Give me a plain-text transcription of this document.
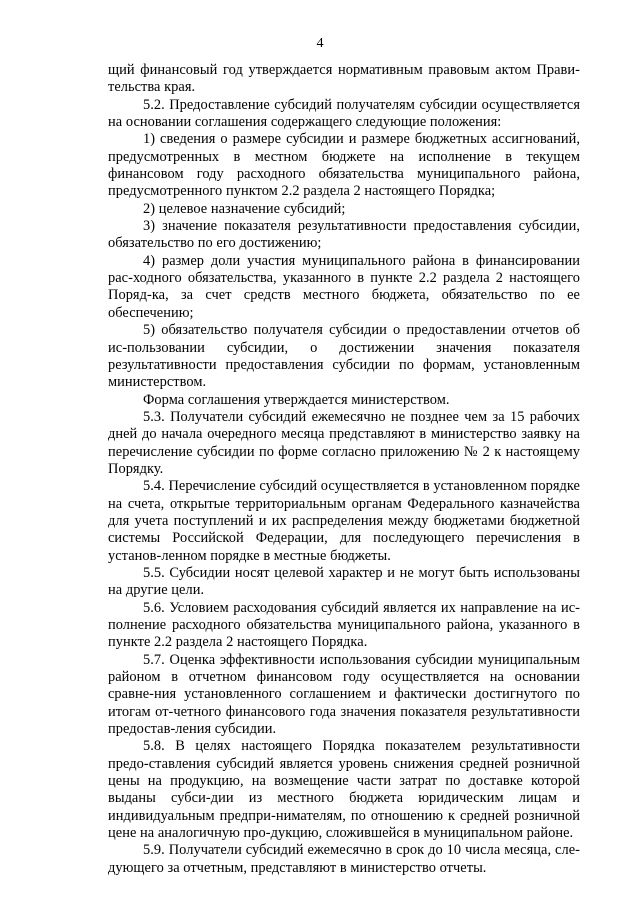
4

щий финансовый год утверждается нормативным правовым актом Прави-тельства края.

5.2. Предоставление субсидий получателям субсидии осуществляется на основании соглашения содержащего следующие положения:

1) сведения о размере субсидии и размере бюджетных ассигнований, предусмотренных в местном бюджете на исполнение в текущем финансовом году расходного обязательства муниципального района, предусмотренного пунктом 2.2 раздела 2 настоящего Порядка;

2) целевое назначение субсидий;

3) значение показателя результативности предоставления субсидии, обязательство по его достижению;

4) размер доли участия муниципального района в финансировании рас-ходного обязательства, указанного в пункте 2.2 раздела 2 настоящего Поряд-ка, за счет средств местного бюджета, обязательство по ее обеспечению;

5) обязательство получателя субсидии о предоставлении отчетов об ис-пользовании субсидии, о достижении значения показателя результативности предоставления субсидии по формам, установленным министерством.

Форма соглашения утверждается министерством.

5.3. Получатели субсидий ежемесячно не позднее чем за 15 рабочих дней до начала очередного месяца представляют в министерство заявку на перечисление субсидии по форме согласно приложению № 2 к настоящему Порядку.

5.4. Перечисление субсидий осуществляется в установленном порядке на счета, открытые территориальным органам Федерального казначейства для учета поступлений и их распределения между бюджетами бюджетной системы Российской Федерации, для последующего перечисления в установ-ленном порядке в местные бюджеты.

5.5. Субсидии носят целевой характер и не могут быть использованы на другие цели.

5.6. Условием расходования субсидий является их направление на ис-полнение расходного обязательства муниципального района, указанного в пункте 2.2 раздела 2 настоящего Порядка.

5.7. Оценка эффективности использования субсидии муниципальным районом в отчетном финансовом году осуществляется на основании сравне-ния установленного соглашением и фактически достигнутого по итогам от-четного финансового года значения показателя результативности предостав-ления субсидии.

5.8. В целях настоящего Порядка показателем результативности предо-ставления субсидий является уровень снижения средней розничной цены на продукцию, на возмещение части затрат по доставке которой выданы субси-дии из местного бюджета юридическим лицам и индивидуальным предпри-нимателям, по отношению к средней розничной цене на аналогичную про-дукцию, сложившейся в муниципальном районе.

5.9. Получатели субсидий ежемесячно в срок до 10 числа месяца, сле-дующего за отчетным, представляют в министерство отчеты.
